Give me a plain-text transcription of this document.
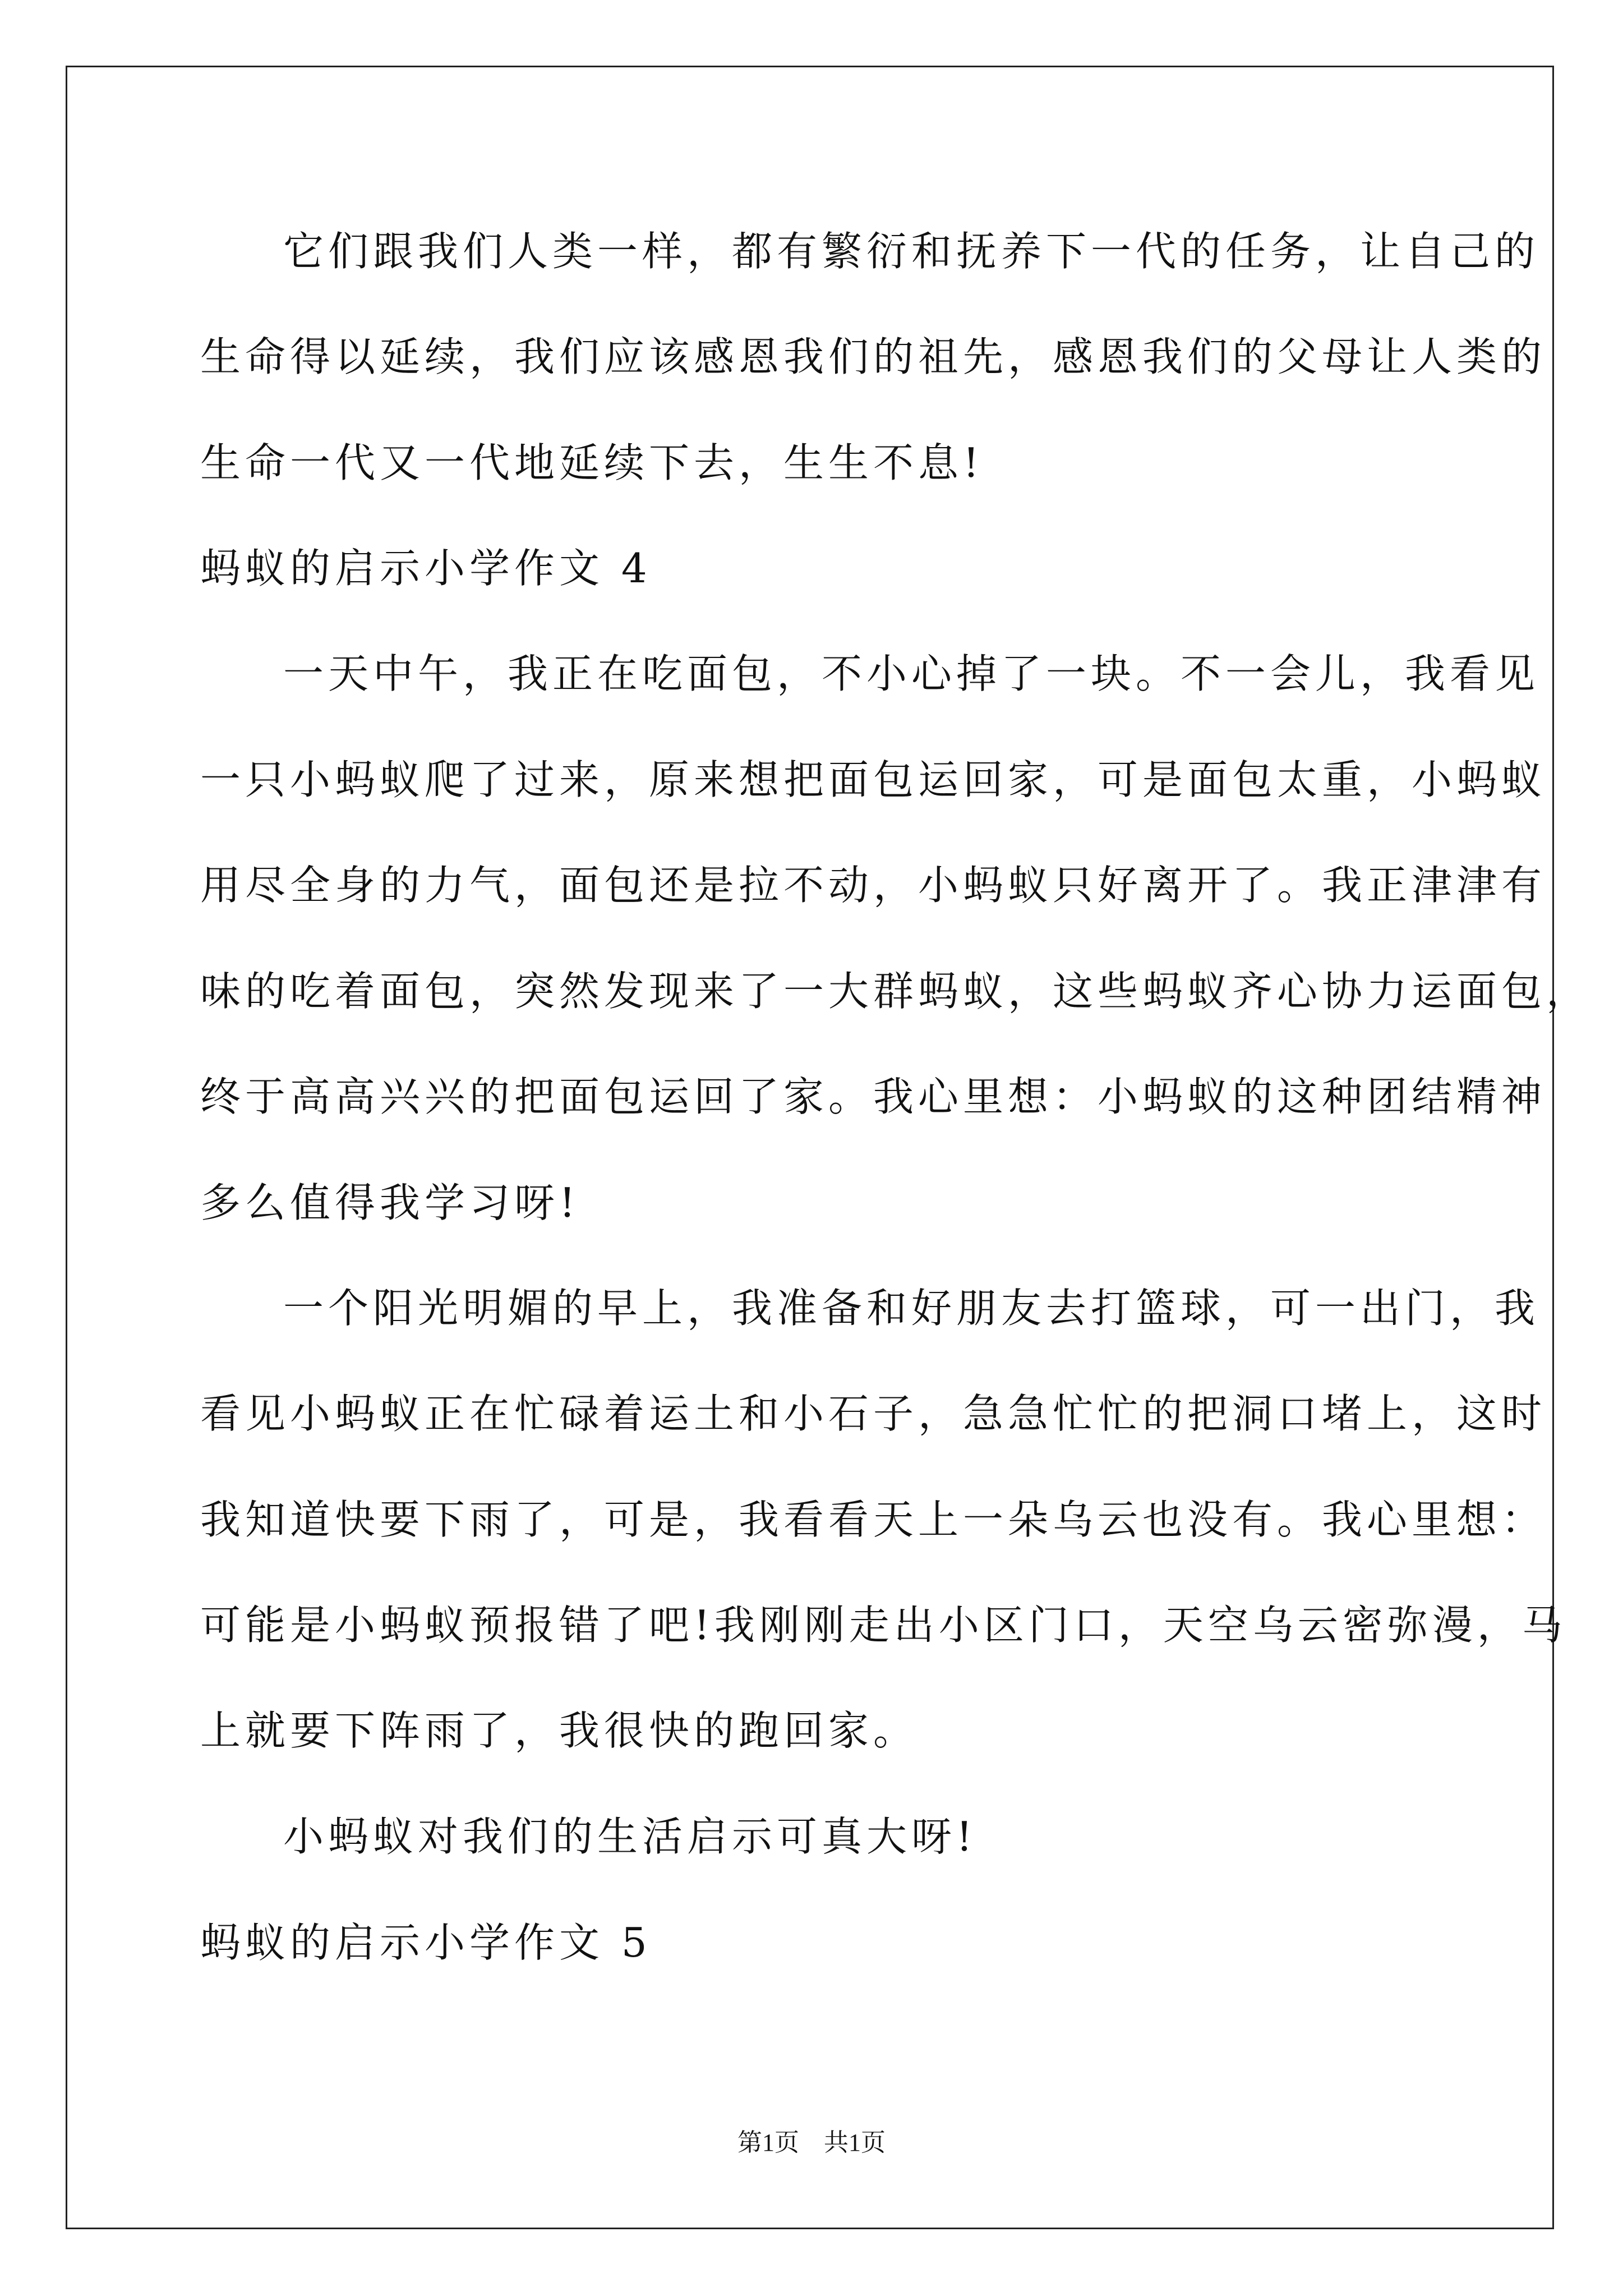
它们跟我们人类一样，都有繁衍和抚养下一代的任务，让自己的
生命得以延续，我们应该感恩我们的祖先，感恩我们的父母让人类的
生命一代又一代地延续下去，生生不息!
蚂蚁的启示小学作文 4
一天中午，我正在吃面包，不小心掉了一块。不一会儿，我看见
一只小蚂蚁爬了过来，原来想把面包运回家，可是面包太重，小蚂蚁
用尽全身的力气，面包还是拉不动，小蚂蚁只好离开了。我正津津有
味的吃着面包，突然发现来了一大群蚂蚁，这些蚂蚁齐心协力运面包，
终于高高兴兴的把面包运回了家。我心里想：小蚂蚁的这种团结精神
多么值得我学习呀!
一个阳光明媚的早上，我准备和好朋友去打篮球，可一出门，我
看见小蚂蚁正在忙碌着运土和小石子，急急忙忙的把洞口堵上，这时
我知道快要下雨了，可是，我看看天上一朵乌云也没有。我心里想：
可能是小蚂蚁预报错了吧!我刚刚走出小区门口，天空乌云密弥漫，马
上就要下阵雨了，我很快的跑回家。
小蚂蚁对我们的生活启示可真大呀!
蚂蚁的启示小学作文 5
第1页　共1页
